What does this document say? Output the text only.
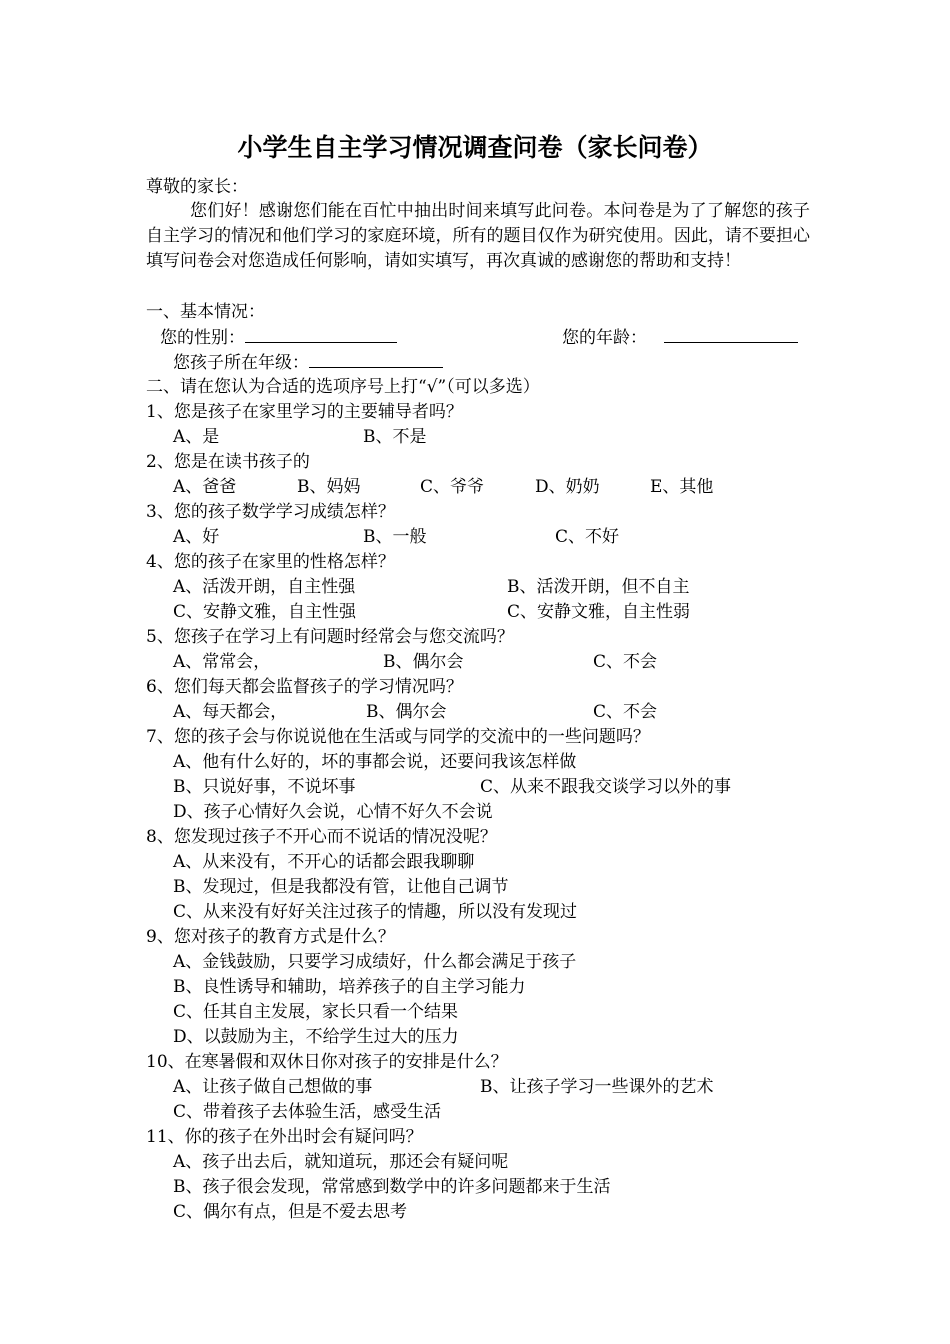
小学生自主学习情况调查问卷（家长问卷）
尊敬的家长：

您们好！感谢您们能在百忙中抽出时间来填写此问卷。本问卷是为了了解您的孩子自主学习的情况和他们学习的家庭环境，所有的题目仅作为研究使用。因此，请不要担心填写问卷会对您造成任何影响，请如实填写，再次真诚的感谢您的帮助和支持！

一、基本情况：
您的性别：	您的年龄：
您孩子所在年级：
二、请在您认为合适的选项序号上打“√”（可以多选）
1、您是孩子在家里学习的主要辅导者吗？
A、是	B、不是
2、您是在读书孩子的
A、爸爸	B、妈妈	C、爷爷	D、奶奶	E、其他
3、您的孩子数学学习成绩怎样？
A、好	B、一般	C、不好
4、您的孩子在家里的性格怎样？
A、活泼开朗，自主性强	B、活泼开朗，但不自主
C、安静文雅，自主性强	C、安静文雅，自主性弱
5、您孩子在学习上有问题时经常会与您交流吗？
A、常常会，	B、偶尔会	C、不会
6、您们每天都会监督孩子的学习情况吗？
A、每天都会，	B、偶尔会	C、不会
7、您的孩子会与你说说他在生活或与同学的交流中的一些问题吗？
A、他有什么好的，坏的事都会说，还要问我该怎样做
B、只说好事，不说坏事	C、从来不跟我交谈学习以外的事
D、孩子心情好久会说，心情不好久不会说
8、您发现过孩子不开心而不说话的情况没呢？
A、从来没有，不开心的话都会跟我聊聊
B、发现过，但是我都没有管，让他自己调节
C、从来没有好好关注过孩子的情趣，所以没有发现过
9、您对孩子的教育方式是什么？
A、金钱鼓励，只要学习成绩好，什么都会满足于孩子
B、良性诱导和辅助，培养孩子的自主学习能力
C、任其自主发展，家长只看一个结果
D、以鼓励为主，不给学生过大的压力
10、在寒暑假和双休日你对孩子的安排是什么？
A、让孩子做自己想做的事	B、让孩子学习一些课外的艺术
C、带着孩子去体验生活，感受生活
11、你的孩子在外出时会有疑问吗？
A、孩子出去后，就知道玩，那还会有疑问呢
B、孩子很会发现，常常感到数学中的许多问题都来于生活
C、偶尔有点，但是不爱去思考
